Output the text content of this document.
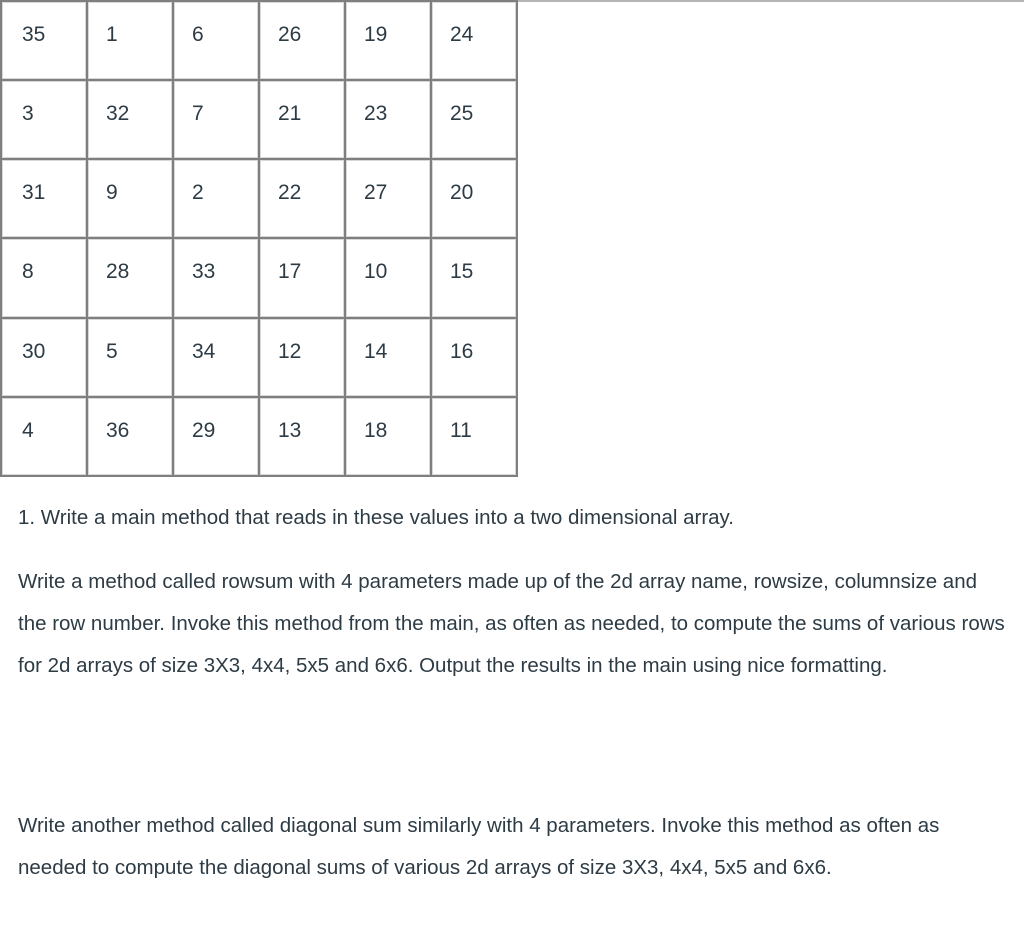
35	1	6	26	19	24
3	32	7	21	23	25
31	9	2	22	27	20
8	28	33	17	10	15
30	5	34	12	14	16
4	36	29	13	18	11

1. Write a main method that reads in these values into a two dimensional array.

Write a method called rowsum with 4 parameters made up of the 2d array name, rowsize, columnsize and the row number. Invoke this method from the main, as often as needed, to compute the sums of various rows for 2d arrays of size 3X3, 4x4, 5x5 and 6x6. Output the results in the main using nice formatting.

Write another method called diagonal sum similarly with 4 parameters. Invoke this method as often as needed to compute the diagonal sums of various 2d arrays of size 3X3, 4x4, 5x5 and 6x6.
